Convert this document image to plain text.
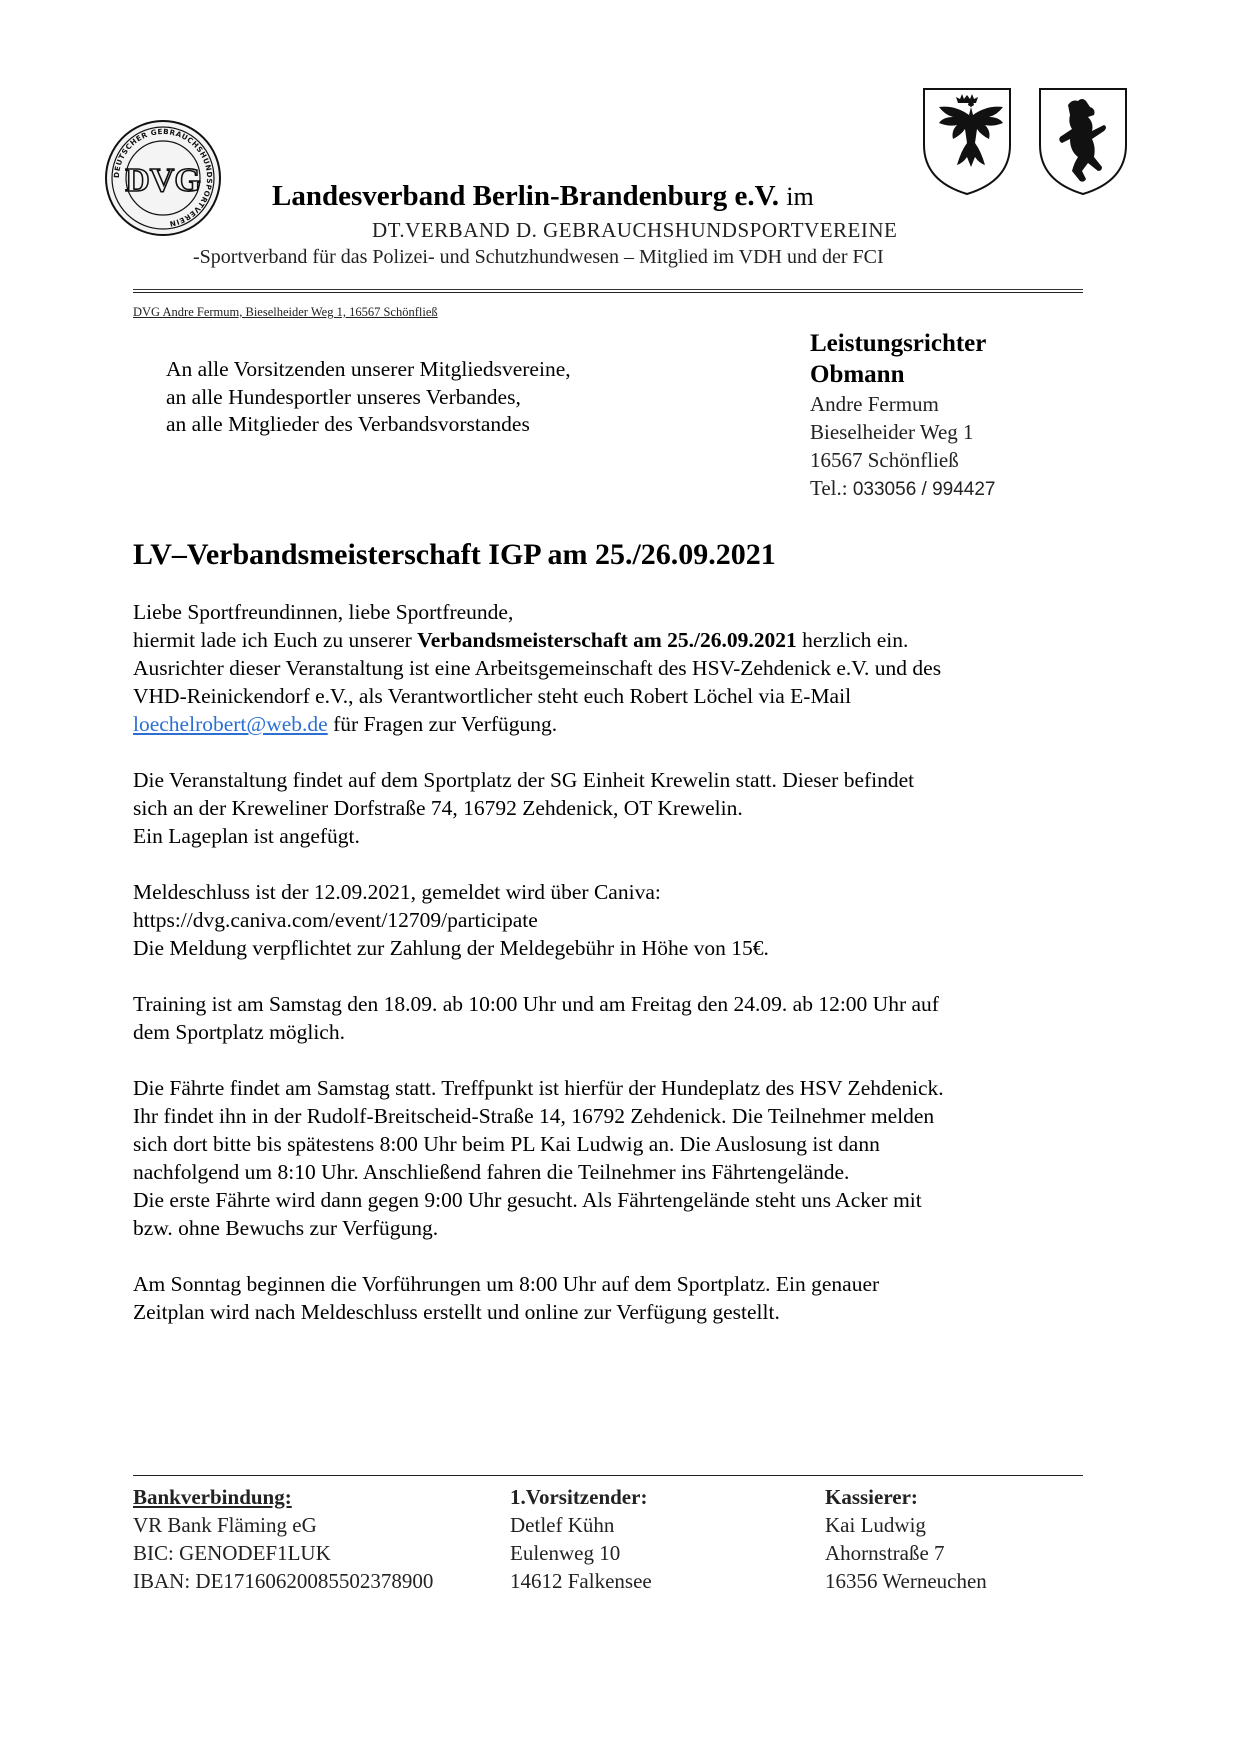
DEUTSCHER GEBRAUCHSHUNDSPORTVEREIN
DVG Landesverband Berlin-Brandenburg e.V. im
DT.VERBAND D. GEBRAUCHSHUNDSPORTVEREINE
-Sportverband für das Polizei- und Schutzhundwesen – Mitglied im VDH und der FCI
DVG Andre Fermum, Bieselheider Weg 1, 16567 Schönfließ
An alle Vorsitzenden unserer Mitgliedsvereine,
an alle Hundesportler unseres Verbandes,
an alle Mitglieder des Verbandsvorstandes
Leistungsrichter
Obmann
Andre Fermum
Bieselheider Weg 1
16567 Schönfließ
Tel.: 033056 / 994427
LV–Verbandsmeisterschaft IGP am 25./26.09.2021

Liebe Sportfreundinnen, liebe Sportfreunde,
hiermit lade ich Euch zu unserer Verbandsmeisterschaft am 25./26.09.2021 herzlich ein.
Ausrichter dieser Veranstaltung ist eine Arbeitsgemeinschaft des HSV-Zehdenick e.V. und des
VHD-Reinickendorf e.V., als Verantwortlicher steht euch Robert Löchel via E-Mail
loechelrobert@web.de für Fragen zur Verfügung.

Die Veranstaltung findet auf dem Sportplatz der SG Einheit Krewelin statt. Dieser befindet
sich an der Kreweliner Dorfstraße 74, 16792 Zehdenick, OT Krewelin.
Ein Lageplan ist angefügt.

Meldeschluss ist der 12.09.2021, gemeldet wird über Caniva:
https://dvg.caniva.com/event/12709/participate
Die Meldung verpflichtet zur Zahlung der Meldegebühr in Höhe von 15€.

Training ist am Samstag den 18.09. ab 10:00 Uhr und am Freitag den 24.09. ab 12:00 Uhr auf
dem Sportplatz möglich.

Die Fährte findet am Samstag statt. Treffpunkt ist hierfür der Hundeplatz des HSV Zehdenick.
Ihr findet ihn in der Rudolf-Breitscheid-Straße 14, 16792 Zehdenick. Die Teilnehmer melden
sich dort bitte bis spätestens 8:00 Uhr beim PL Kai Ludwig an. Die Auslosung ist dann
nachfolgend um 8:10 Uhr. Anschließend fahren die Teilnehmer ins Fährtengelände.
Die erste Fährte wird dann gegen 9:00 Uhr gesucht. Als Fährtengelände steht uns Acker mit
bzw. ohne Bewuchs zur Verfügung.

Am Sonntag beginnen die Vorführungen um 8:00 Uhr auf dem Sportplatz. Ein genauer
Zeitplan wird nach Meldeschluss erstellt und online zur Verfügung gestellt.

Bankverbindung:
VR Bank Fläming eG
BIC: GENODEF1LUK
IBAN: DE17160620085502378900
1.Vorsitzender:
Detlef Kühn
Eulenweg 10
14612 Falkensee
Kassierer:
Kai Ludwig
Ahornstraße 7
16356 Werneuchen
